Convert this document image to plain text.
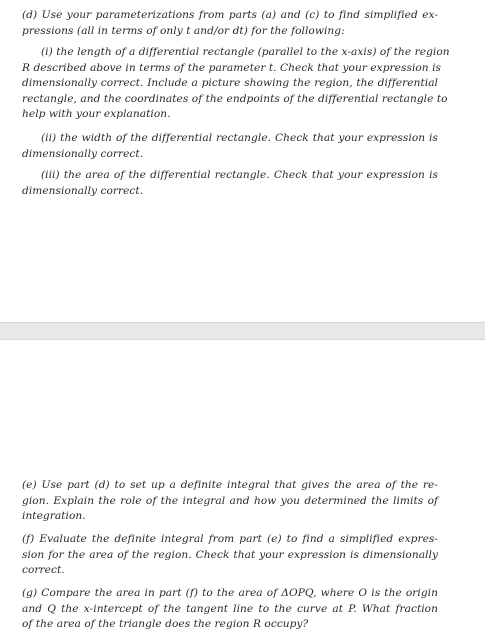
(d) Use your parameterizations from parts (a) and (c) to find simplified ex-
pressions (all in terms of only t and/or dt) for the following:
(i) the length of a differential rectangle (parallel to the x-axis) of the region
R described above in terms of the parameter t. Check that your expression is
dimensionally correct. Include a picture showing the region, the differential
rectangle, and the coordinates of the endpoints of the differential rectangle to
help with your explanation.
(ii) the width of the differential rectangle. Check that your expression is
dimensionally correct.
(iii) the area of the differential rectangle. Check that your expression is
dimensionally correct.
(e) Use part (d) to set up a definite integral that gives the area of the re-
gion. Explain the role of the integral and how you determined the limits of
integration.
(f) Evaluate the definite integral from part (e) to find a simplified expres-
sion for the area of the region. Check that your expression is dimensionally
correct.
(g) Compare the area in part (f) to the area of ΔOPQ, where O is the origin
and Q the x-intercept of the tangent line to the curve at P. What fraction
of the area of the triangle does the region R occupy?
